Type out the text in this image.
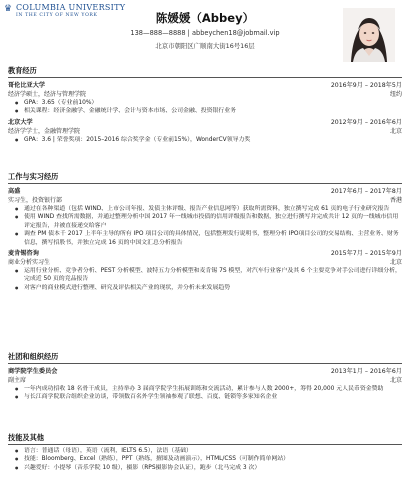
♛ COLUMBIA UNIVERSITY
IN THE CITY OF NEW YORK	陈媛媛（Abbey）
138—888—8888 | abbeychen18@jobmail.vip
北京市朝阳区广顺南大街16号16层
教育经历
哥伦比亚大学	2016年9月 – 2018年5月
经济学硕士，经济与管理学院	纽约
● GPA：3.65（专业前10%）
● 相关课程：经济金融学、金融统计学、会计与资本市场、公司金融、投资银行业务
北京大学	2012年9月 – 2016年6月
经济学学士，金融管理学院	北京
● GPA：3.6 | 荣誉奖项：2015–2016 综合奖学金（专业前15%），WonderCV领导力奖
工作与实习经历
高盛	2017年6月 – 2017年8月
实习生，投资银行部	香港
● 通过在各种渠道（包括 WIND、上市公司年报、发债主体评级、报告产业信息网等）获取所需资料，独立撰写完成 61 页的电子行业研究报告
● 使用 WIND 查找所需数据，并通过整理分析中国 2017 年一线城市投债的信用评级报告和数据，独立进行撰写并完成共计 12 页的一线城市信用评定报告，并被直接递交给客户
● 调查 PM 债本千 2017 上半年主导的所有 IPO 项目公司的具体情况，包括整理发行说明书，整理分析 IPO项目公司的交易结构、主营业务、财务信息，撰写招股书，并独立完成 16 页的中国文汇总分析报告
麦肯锡咨询	2015年7月 – 2015年9月
商业分析实习生	北京
● 运用行业分析、竞争者分析、PEST 分析模型、波特五力分析模型和麦肯锡 7S 模型，对汽车行业客户及其 6 个主要竞争对手公司进行详细分析，完成近 50 页的竞品报告
● 对客户的商业模式进行整理、研究及评估相关产业的现状，并分析未来发展趋势
社团和组织经历
商学院学生委员会	2013年1月 – 2016年6月
副主席	北京
● 一年内成功招收 18 名骨干成员，主持举办 3 届商学院学生拓展训练和交流活动，累计参与人数 2000+，筹得 20,000 元人民币资金赞助
● 与长江商学院联合组织企业访谈，带领数百名外学生领袖参观了联想、百度、链锁等多家知名企业
技能及其他
● 语言：普通话（母语），英语（流利，IELTS 6.5），法语（基础）
● 技能：Bloomberg、Excel（熟练），PPT（熟练，擅图及动画演示），HTML/CSS（可制作简单网站）
● 兴趣爱好：小提琴（音乐学院 10 级），摄影（RPS摄影协会认证），跑步（北马完成 3 次）
